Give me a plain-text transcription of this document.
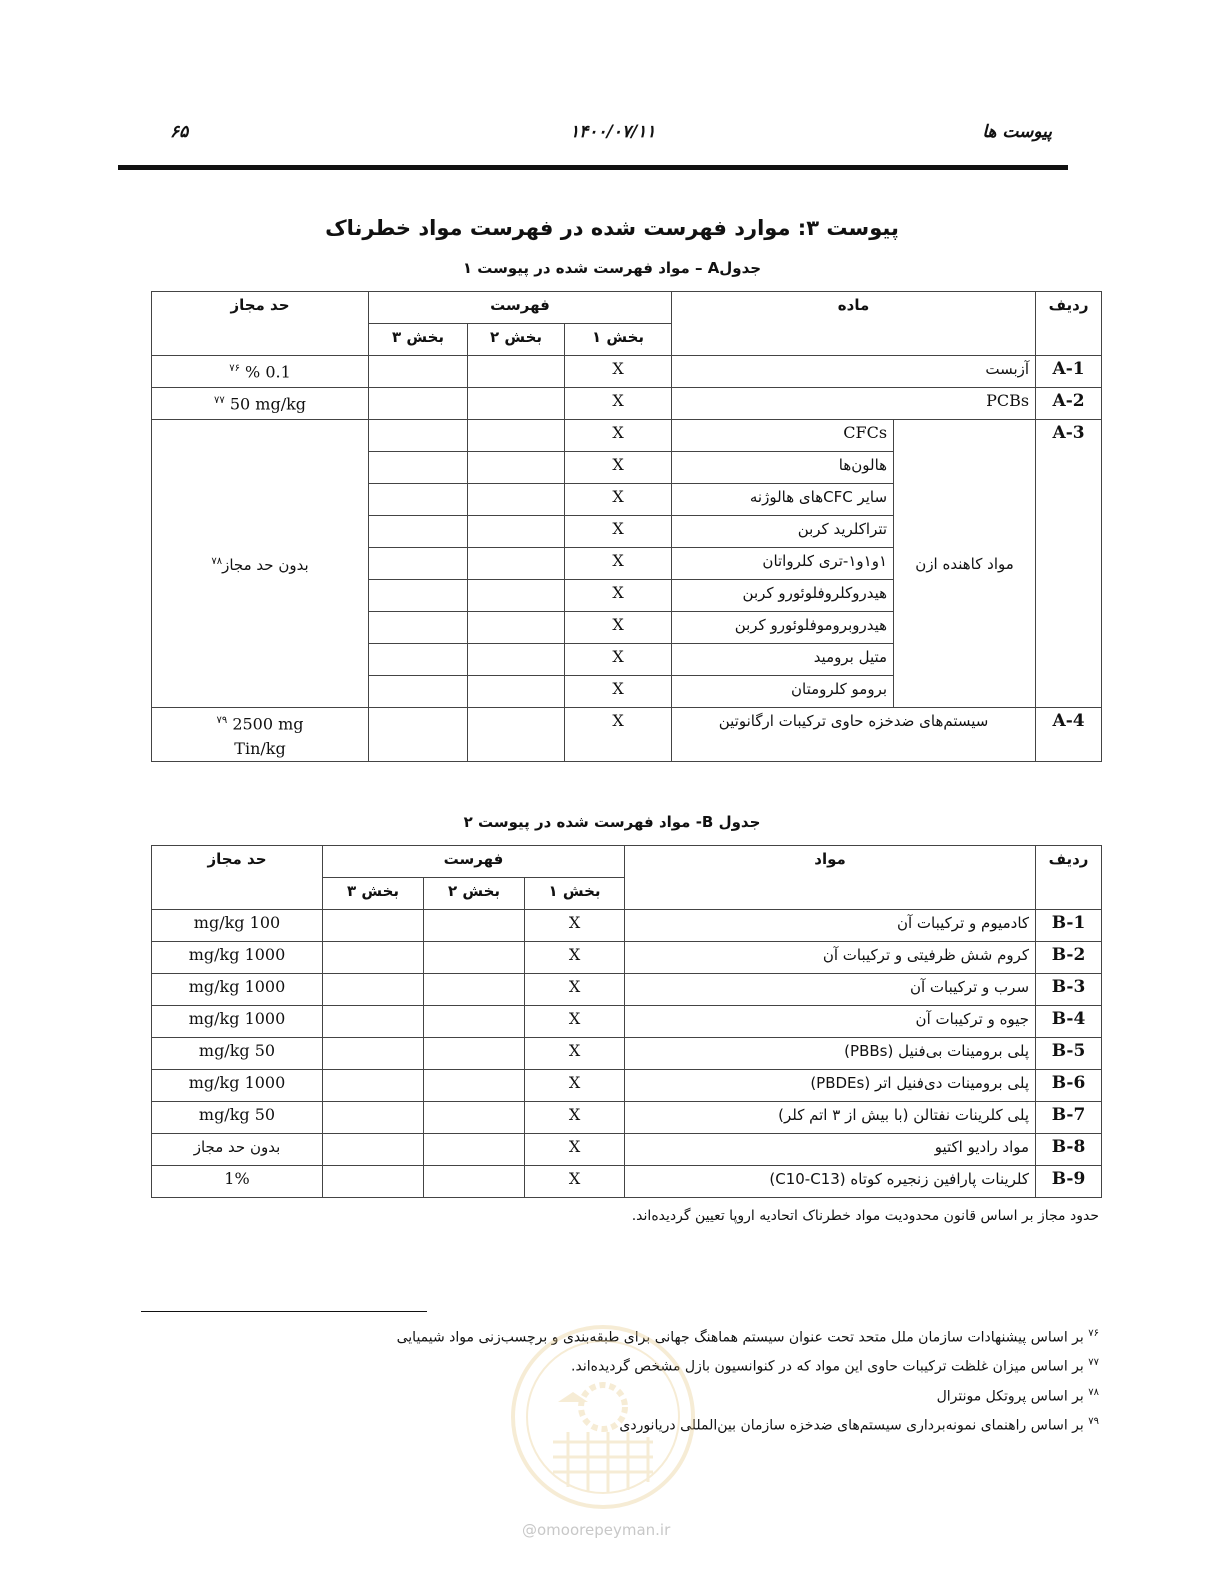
۶۵	۱۴۰۰/۰۷/۱۱	پیوست ها
پیوست ۳: موارد فهرست شده در فهرست مواد خطرناک
جدولA – مواد فهرست شده در پیوست ۱
ردیف	ماده		فهرست			حد مجاز
			بخش ۱	بخش ۲	بخش ۳	
A-1	آزبست		X			$^{۷۶}$ % 0.1
A-2	PCBs		X			$^{۷۷}$ 50 mg/kg
A-3	مواد کاهنده ازن	CFCs	X			بدون حد مجاز$^{۷۸}$
		هالون‌ها	X			
		سایر CFCهای هالوژنه	X			
		تتراکلرید کربن	X			
		۱و۱و۱-تری کلرواتان	X			
		هیدروکلروفلوئورو کربن	X			
		هیدروبروموفلوئورو کربن	X			
		متیل بروميد	X			
		برومو کلرومتان	X			
A-4	سیستم‌های ضدخزه حاوی ترکیبات ارگانوتین		X			$^{۷۹}$ 2500 mg
Tin/kg
جدول B- مواد فهرست شده در پیوست ۲
ردیف	مواد	فهرست			حد مجاز
		بخش ۱	بخش ۲	بخش ۳	
B-1	کادمیوم و ترکیبات آن	X			100 mg/kg
B-2	کروم شش ظرفیتی و ترکیبات آن	X			1000 mg/kg
B-3	سرب و ترکیبات آن	X			1000 mg/kg
B-4	جیوه و ترکیبات آن	X			1000 mg/kg
B-5	پلی برومینات بی‌فنیل (PBBs)	X			50 mg/kg
B-6	پلی برومینات دی‌فنیل اتر (PBDEs)	X			1000 mg/kg
B-7	پلی کلرینات نفتالن (با بیش از ۳ اتم کلر)	X			50 mg/kg
B-8	مواد رادیو اکتیو	X			بدون حد مجاز
B-9	کلرینات پارافین زنجیره کوتاه (C10-C13)	X			1%
حدود مجاز بر اساس قانون محدودیت مواد خطرناک اتحادیه اروپا تعیین گردیده‌اند.
$^{۷۶}$ بر اساس پیشنهادات سازمان ملل متحد تحت عنوان سیستم هماهنگ جهانی برای طبقه‌بندی و برچسب‌زنی مواد شیمیایی
$^{۷۷}$ بر اساس میزان غلظت ترکیبات حاوی این مواد که در کنوانسیون بازل مشخص گردیده‌اند.
$^{۷۸}$ بر اساس پروتکل مونترال
$^{۷۹}$ بر اساس راهنمای نمونه‌برداری سیستم‌های ضدخزه سازمان بین‌المللی دریانوردی
@omoorepeyman.ir
